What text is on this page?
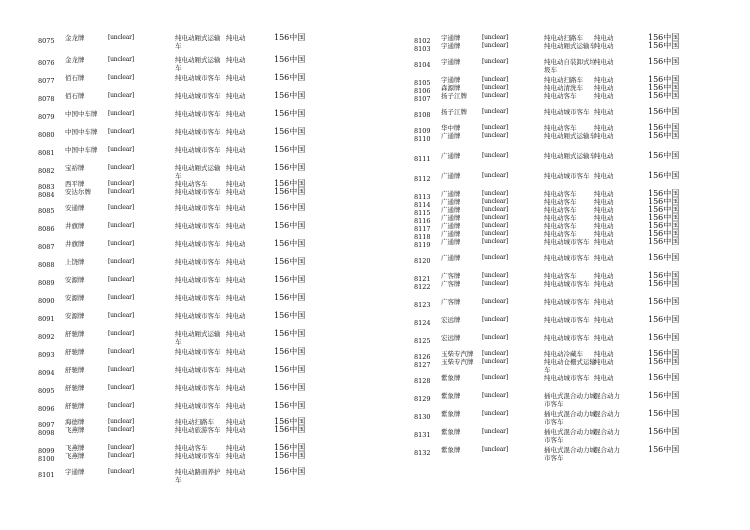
8075	金龙牌	[unclear]	纯电动厢式运输车
纯电动	156中国
8076	金龙牌	[unclear]	纯电动厢式运输车
纯电动	156中国
8077	佰石牌	[unclear]	纯电动城市客车 纯电动	156中国
8078	佰石牌	[unclear]	纯电动城市客车 纯电动	156中国
8079	中国中车牌	[unclear]	纯电动城市客车 纯电动	156中国
8080	中国中车牌	[unclear]	纯电动城市客车 纯电动	156中国
8081	中国中车牌	[unclear]	纯电动城市客车 纯电动	156中国
8082	宝裕牌	[unclear]	纯电动厢式运输车
纯电动	156中国
8083	西平牌	[unclear]	纯电动客车	纯电动	156中国
8084	安达尔牌	[unclear]	纯电动城市客车 纯电动	156中国
8085	安通牌	[unclear]	纯电动城市客车 纯电动	156中国
8086	井旗牌	[unclear]	纯电动城市客车 纯电动	156中国
8087	井旗牌	[unclear]	纯电动城市客车 纯电动	156中国
8088	上饶牌	[unclear]	纯电动城市客车 纯电动	156中国
8089	安源牌	[unclear]	纯电动城市客车 纯电动	156中国
8090	安源牌	[unclear]	纯电动城市客车 纯电动	156中国
8091	安源牌	[unclear]	纯电动城市客车 纯电动	156中国
8092	舒驰牌	[unclear]	纯电动厢式运输车
纯电动	156中国
8093	舒驰牌	[unclear]	纯电动城市客车 纯电动	156中国
8094	舒驰牌	[unclear]	纯电动城市客车 纯电动	156中国
8095	舒驰牌	[unclear]	纯电动城市客车 纯电动	156中国
8096	舒驰牌	[unclear]	纯电动城市客车 纯电动	156中国
8097	海德牌	[unclear]	纯电动扫路车	纯电动	156中国
8098	飞燕牌	[unclear]	纯电动旅游客车 纯电动	156中国
8099	飞燕牌	[unclear]	纯电动客车	纯电动	156中国
8100	飞燕牌	[unclear]	纯电动城市客车 纯电动	156中国
8101	宇通牌	[unclear]	纯电动路面养护车
纯电动	156中国
8102	宇通牌	[unclear]	纯电动扫路车	纯电动	156中国
8103	宇通牌	[unclear]	纯电动厢式运输车
纯电动	156中国
8104	宇通牌	[unclear]	纯电动自装卸式垃圾车
纯电动	156中国
8105	宇通牌	[unclear]	纯电动扫路车	纯电动	156中国
8106	森源牌	[unclear]	纯电动清洗车	纯电动	156中国
8107	扬子江牌	[unclear]	纯电动客车	纯电动	156中国
8108	扬子江牌	[unclear]	纯电动城市客车 纯电动	156中国
8109	华中牌	[unclear]	纯电动客车	纯电动	156中国
8110	广通牌	[unclear]	纯电动厢式运输车
纯电动	156中国
8111	广通牌	[unclear]	纯电动厢式运输车
纯电动	156中国
8112	广通牌	[unclear]	纯电动城市客车 纯电动	156中国
8113	广通牌	[unclear]	纯电动客车	纯电动	156中国
8114	广通牌	[unclear]	纯电动客车	纯电动	156中国
8115	广通牌	[unclear]	纯电动客车	纯电动	156中国
8116	广通牌	[unclear]	纯电动客车	纯电动	156中国
8117	广通牌	[unclear]	纯电动客车	纯电动	156中国
8118	广通牌	[unclear]	纯电动客车	纯电动	156中国
8119	广通牌	[unclear]	纯电动城市客车 纯电动	156中国
8120	广通牌	[unclear]	纯电动城市客车 纯电动	156中国
8121	广客牌	[unclear]	纯电动客车	纯电动	156中国
8122	广客牌	[unclear]	纯电动城市客车 纯电动	156中国
8123	广客牌	[unclear]	纯电动城市客车 纯电动	156中国
8124	宏远牌	[unclear]	纯电动城市客车 纯电动	156中国
8125	宏远牌	[unclear]	纯电动城市客车 纯电动	156中国
8126	玉柴专汽牌	[unclear]	纯电动冷藏车	纯电动	156中国
8127	玉柴专汽牌	[unclear]	纯电动仓栅式运输车
纯电动	156中国
8128	紫象牌	[unclear]	纯电动城市客车 纯电动	156中国
8129	紫象牌	[unclear]	插电式混合动力城市客车
混合动力	156中国
8130	紫象牌	[unclear]	插电式混合动力城市客车
混合动力	156中国
8131	紫象牌	[unclear]	插电式混合动力城市客车
混合动力	156中国
8132	紫象牌	[unclear]	插电式混合动力城市客车
混合动力	156中国
